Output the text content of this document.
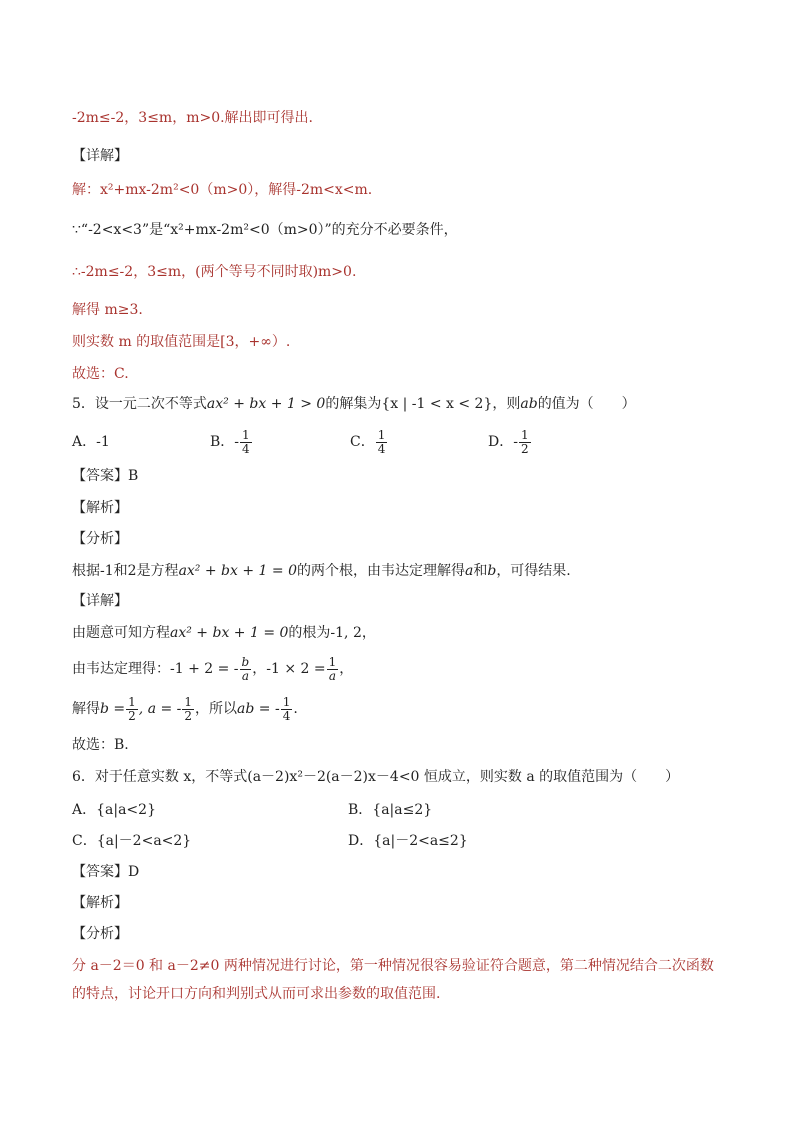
-2m≤-2，3≤m，m>0.解出即可得出.
【详解】
解：x²+mx-2m²<0（m>0），解得-2m<x<m.
∵“-2<x<3”是“x²+mx-2m²<0（m>0）”的充分不必要条件，
∴-2m≤-2，3≤m，(两个等号不同时取)m>0.
解得 m≥3.
则实数 m 的取值范围是[3，+∞）.
故选：C.
5．设一元二次不等式ax² + bx + 1 > 0的解集为{x | -1 < x < 2}，则ab的值为（　　）
A．-1	B．- $\frac{1}{4}$	C． $\frac{1}{4}$	D．- $\frac{1}{2}$
【答案】B
【解析】
【分析】
根据-1和2是方程ax² + bx + 1 = 0的两个根，由韦达定理解得a和b，可得结果.
【详解】
由题意可知方程ax² + bx + 1 = 0的根为-1, 2，
由韦达定理得：-1 + 2 = - $\frac{b}{a}$ ，$-1 \times 2 = \frac{1}{a}$ ，
解得$b = \frac{1}{2}$ , a = - $\frac{1}{2}$ ，所以ab = - $\frac{1}{4}$ .
故选：B.
6．对于任意实数 x，不等式(a－2)x²－2(a－2)x－4<0 恒成立，则实数 a 的取值范围为（　　）
A．{a|a<2}	B．{a|a≤2}
C．{a|－2<a<2}	D．{a|－2<a≤2}
【答案】D
【解析】
【分析】
分 a－2＝0 和 a－2≠0 两种情况进行讨论，第一种情况很容易验证符合题意，第二种情况结合二次函数的特点，讨论开口方向和判别式从而可求出参数的取值范围.
